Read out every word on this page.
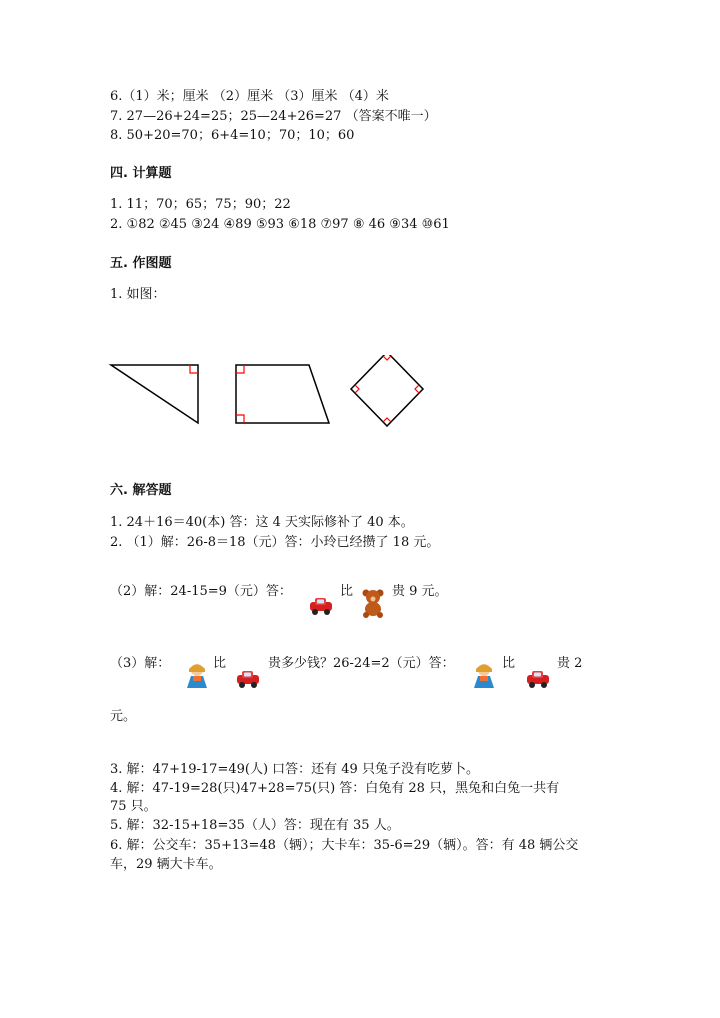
6.（1）米；厘米 （2）厘米 （3）厘米 （4）米
7. 27—26+24=25；25—24+26=27 （答案不唯一）
8. 50+20=70；6+4=10；70；10；60
四. 计算题
1. 11；70；65；75；90；22
2. ①82 ②45 ③24 ④89 ⑤93 ⑥18 ⑦97 ⑧ 46 ⑨34 ⑩61
五. 作图题
1. 如图：
六. 解答题
1. 24＋16＝40(本) 答：这 4 天实际修补了 40 本。
2. （1）解：26-8＝18（元）答：小玲已经攒了 18 元。
（2）解：24-15=9（元）答：	比	贵 9 元。
（3）解：	比	贵多少钱？26-24=2（元）答：	比	贵 2
元。
3. 解：47+19-17=49(人) 口答：还有 49 只兔子没有吃萝卜。
4. 解：47-19=28(只)47+28=75(只) 答：白兔有 28 只，黑兔和白兔一共有
75 只。
5. 解：32-15+18=35（人）答：现在有 35 人。
6. 解：公交车：35+13=48（辆）；大卡车：35-6=29（辆）。答：有 48 辆公交
车，29 辆大卡车。
